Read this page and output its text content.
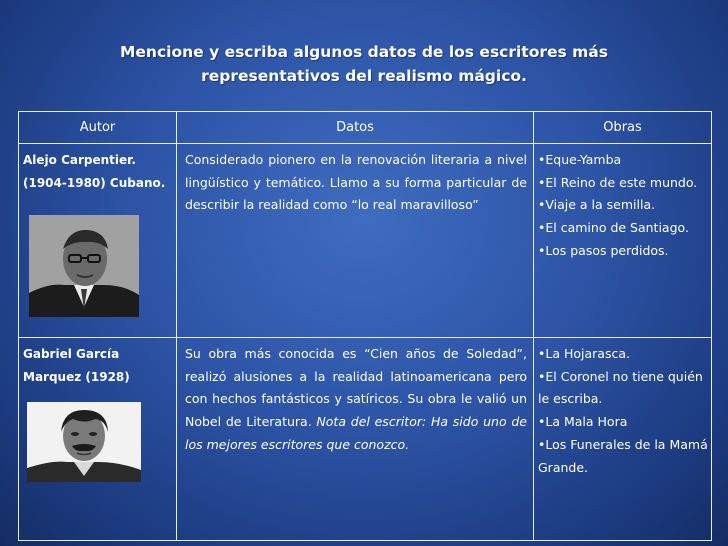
Mencione y escriba algunos datos de los escritores más
representativos del realismo mágico.
Autor	Datos	Obras
Alejo Carpentier.
(1904-1980) Cubano.
Considerado pionero en la renovación literaria a nivel lingüístico y temático. Llamo a su forma particular de describir la realidad como “lo real maravilloso”
•Eque-Yamba
•El Reino de este mundo.
•Viaje a la semilla.
•El camino de Santiago.
•Los pasos perdidos.
Gabriel García
Marquez (1928)
Su obra más conocida es “Cien años de Soledad”, realizó alusiones a la realidad latinoamericana pero con hechos fantásticos y satíricos. Su obra le valió un Nobel de Literatura. Nota del escritor: Ha sido uno de los mejores escritores que conozco.
•La Hojarasca.
•El Coronel no tiene quién le escriba.
•La Mala Hora
•Los Funerales de la Mamá Grande.
